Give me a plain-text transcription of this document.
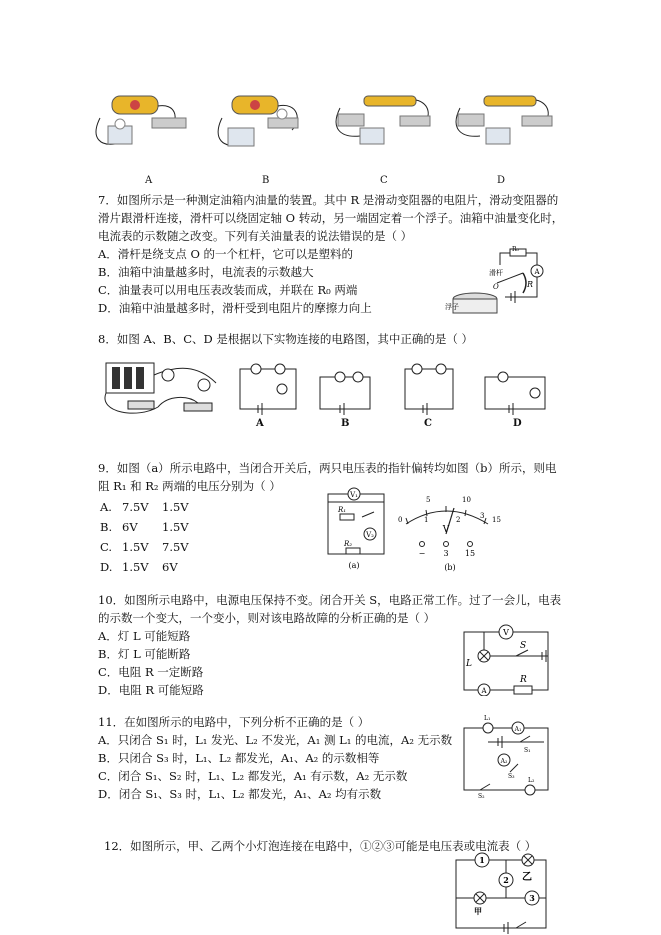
A	B	C	D
7．如图所示是一种测定油箱内油量的装置。其中 R 是滑动变阻器的电阻片，滑动变阻器的
滑片跟滑杆连接，滑杆可以绕固定轴 O 转动，另一端固定着一个浮子。油箱中油量变化时，
电流表的示数随之改变。下列有关油量表的说法错误的是（ ）
A．滑杆是绕支点 O 的一个杠杆，它可以是塑料的
B．油箱中油量越多时，电流表的示数越大
C．油量表可以用电压表改装而成，并联在 R₀ 两端
D．油箱中油量越多时，滑杆受到电阻片的摩擦力向上
A
R₀
滑杆
O	R
浮子
8．如图 A、B、C、D 是根据以下实物连接的电路图，其中正确的是（ ）
A	B	C	D
9．如图（a）所示电路中，当闭合开关后，两只电压表的指针偏转均如图（b）所示，则电
阻 R₁ 和 R₂ 两端的电压分别为（ ）
A. 7.5V 1.5V
B. 6V 1.5V
C. 1.5V 7.5V
D. 1.5V 6V
V₁
R₁
V₂
R₂
(a)
5	10
0	1	2	3 15
V
− 3 15
(b)
10．如图所示电路中，电源电压保持不变。闭合开关 S，电路正常工作。过了一会儿，电表
的示数一个变大，一个变小，则对该电路故障的分析正确的是（ ）
A．灯 L 可能短路
B．灯 L 可能断路
C．电阻 R 一定断路
D．电阻 R 可能短路
V
L
S
A
R
11．在如图所示的电路中，下列分析不正确的是（ ）
A．只闭合 S₁ 时，L₁ 发光、L₂ 不发光，A₁ 测 L₁ 的电流，A₂ 无示数
B．只闭合 S₃ 时，L₁、L₂ 都发光，A₁、A₂ 的示数相等
C．闭合 S₁、S₂ 时，L₁、L₂ 都发光，A₁ 有示数，A₂ 无示数
D．闭合 S₁、S₃ 时，L₁、L₂ 都发光，A₁、A₂ 均有示数
L₁
A₁
S₁
A₂
S₃
L₂
S₂
12．如图所示，甲、乙两个小灯泡连接在电路中，①②③可能是电压表或电流表（ ）
1
乙
2
甲
3
